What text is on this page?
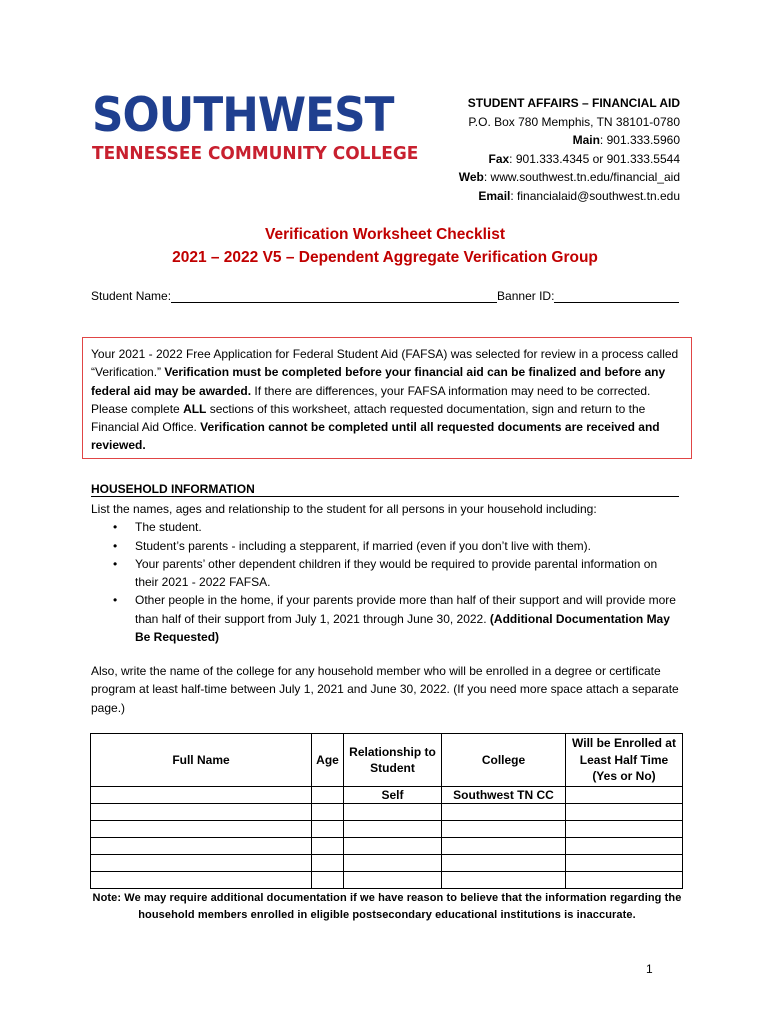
SOUTHWEST
TENNESSEE COMMUNITY COLLEGE
STUDENT AFFAIRS – FINANCIAL AID
P.O. Box 780 Memphis, TN 38101-0780
Main: 901.333.5960
Fax: 901.333.4345 or 901.333.5544
Web: www.southwest.tn.edu/financial_aid
Email: financialaid@southwest.tn.edu
Verification Worksheet Checklist
2021 – 2022 V5 – Dependent Aggregate Verification Group
Student Name:	Banner ID:
Your 2021 - 2022 Free Application for Federal Student Aid (FAFSA) was selected for review in a process called “Verification.” Verification must be completed before your financial aid can be finalized and before any federal aid may be awarded. If there are differences, your FAFSA information may need to be corrected. Please complete ALL sections of this worksheet, attach requested documentation, sign and return to the Financial Aid Office. Verification cannot be completed until all requested documents are received and reviewed.
HOUSEHOLD INFORMATION
List the names, ages and relationship to the student for all persons in your household including:
• The student.
• Student’s parents - including a stepparent, if married (even if you don’t live with them).
• Your parents’ other dependent children if they would be required to provide parental information on their 2021 - 2022 FAFSA.
• Other people in the home, if your parents provide more than half of their support and will provide more than half of their support from July 1, 2021 through June 30, 2022. (Additional Documentation May Be Requested)
Also, write the name of the college for any household member who will be enrolled in a degree or certificate program at least half-time between July 1, 2021 and June 30, 2022. (If you need more space attach a separate page.)
Full Name	Age	Relationship to Student	College	Will be Enrolled at Least Half Time (Yes or No)
		Self	Southwest TN CC	

Note: We may require additional documentation if we have reason to believe that the information regarding the household members enrolled in eligible postsecondary educational institutions is inaccurate.
1
